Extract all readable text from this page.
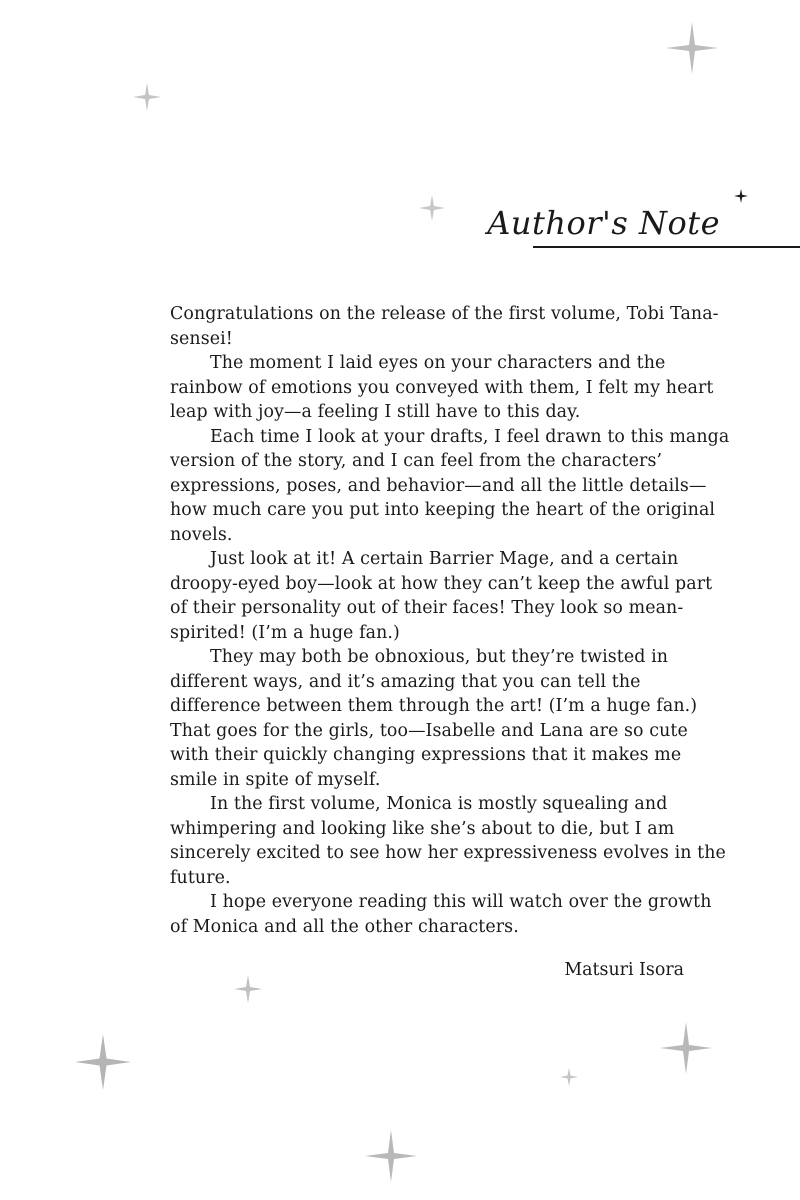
Author's Note

Congratulations on the release of the first volume, Tobi Tana-sensei!

The moment I laid eyes on your characters and the rainbow of emotions you conveyed with them, I felt my heart leap with joy—a feeling I still have to this day.

Each time I look at your drafts, I feel drawn to this manga version of the story, and I can feel from the characters’ expressions, poses, and behavior—and all the little details—how much care you put into keeping the heart of the original novels.

Just look at it! A certain Barrier Mage, and a certain droopy-eyed boy—look at how they can’t keep the awful part of their personality out of their faces! They look so mean-spirited! (I’m a huge fan.)

They may both be obnoxious, but they’re twisted in different ways, and it’s amazing that you can tell the difference between them through the art! (I’m a huge fan.) That goes for the girls, too—Isabelle and Lana are so cute with their quickly changing expressions that it makes me smile in spite of myself.

In the first volume, Monica is mostly squealing and whimpering and looking like she’s about to die, but I am sincerely excited to see how her expressiveness evolves in the future.

I hope everyone reading this will watch over the growth of Monica and all the other characters.

Matsuri Isora
